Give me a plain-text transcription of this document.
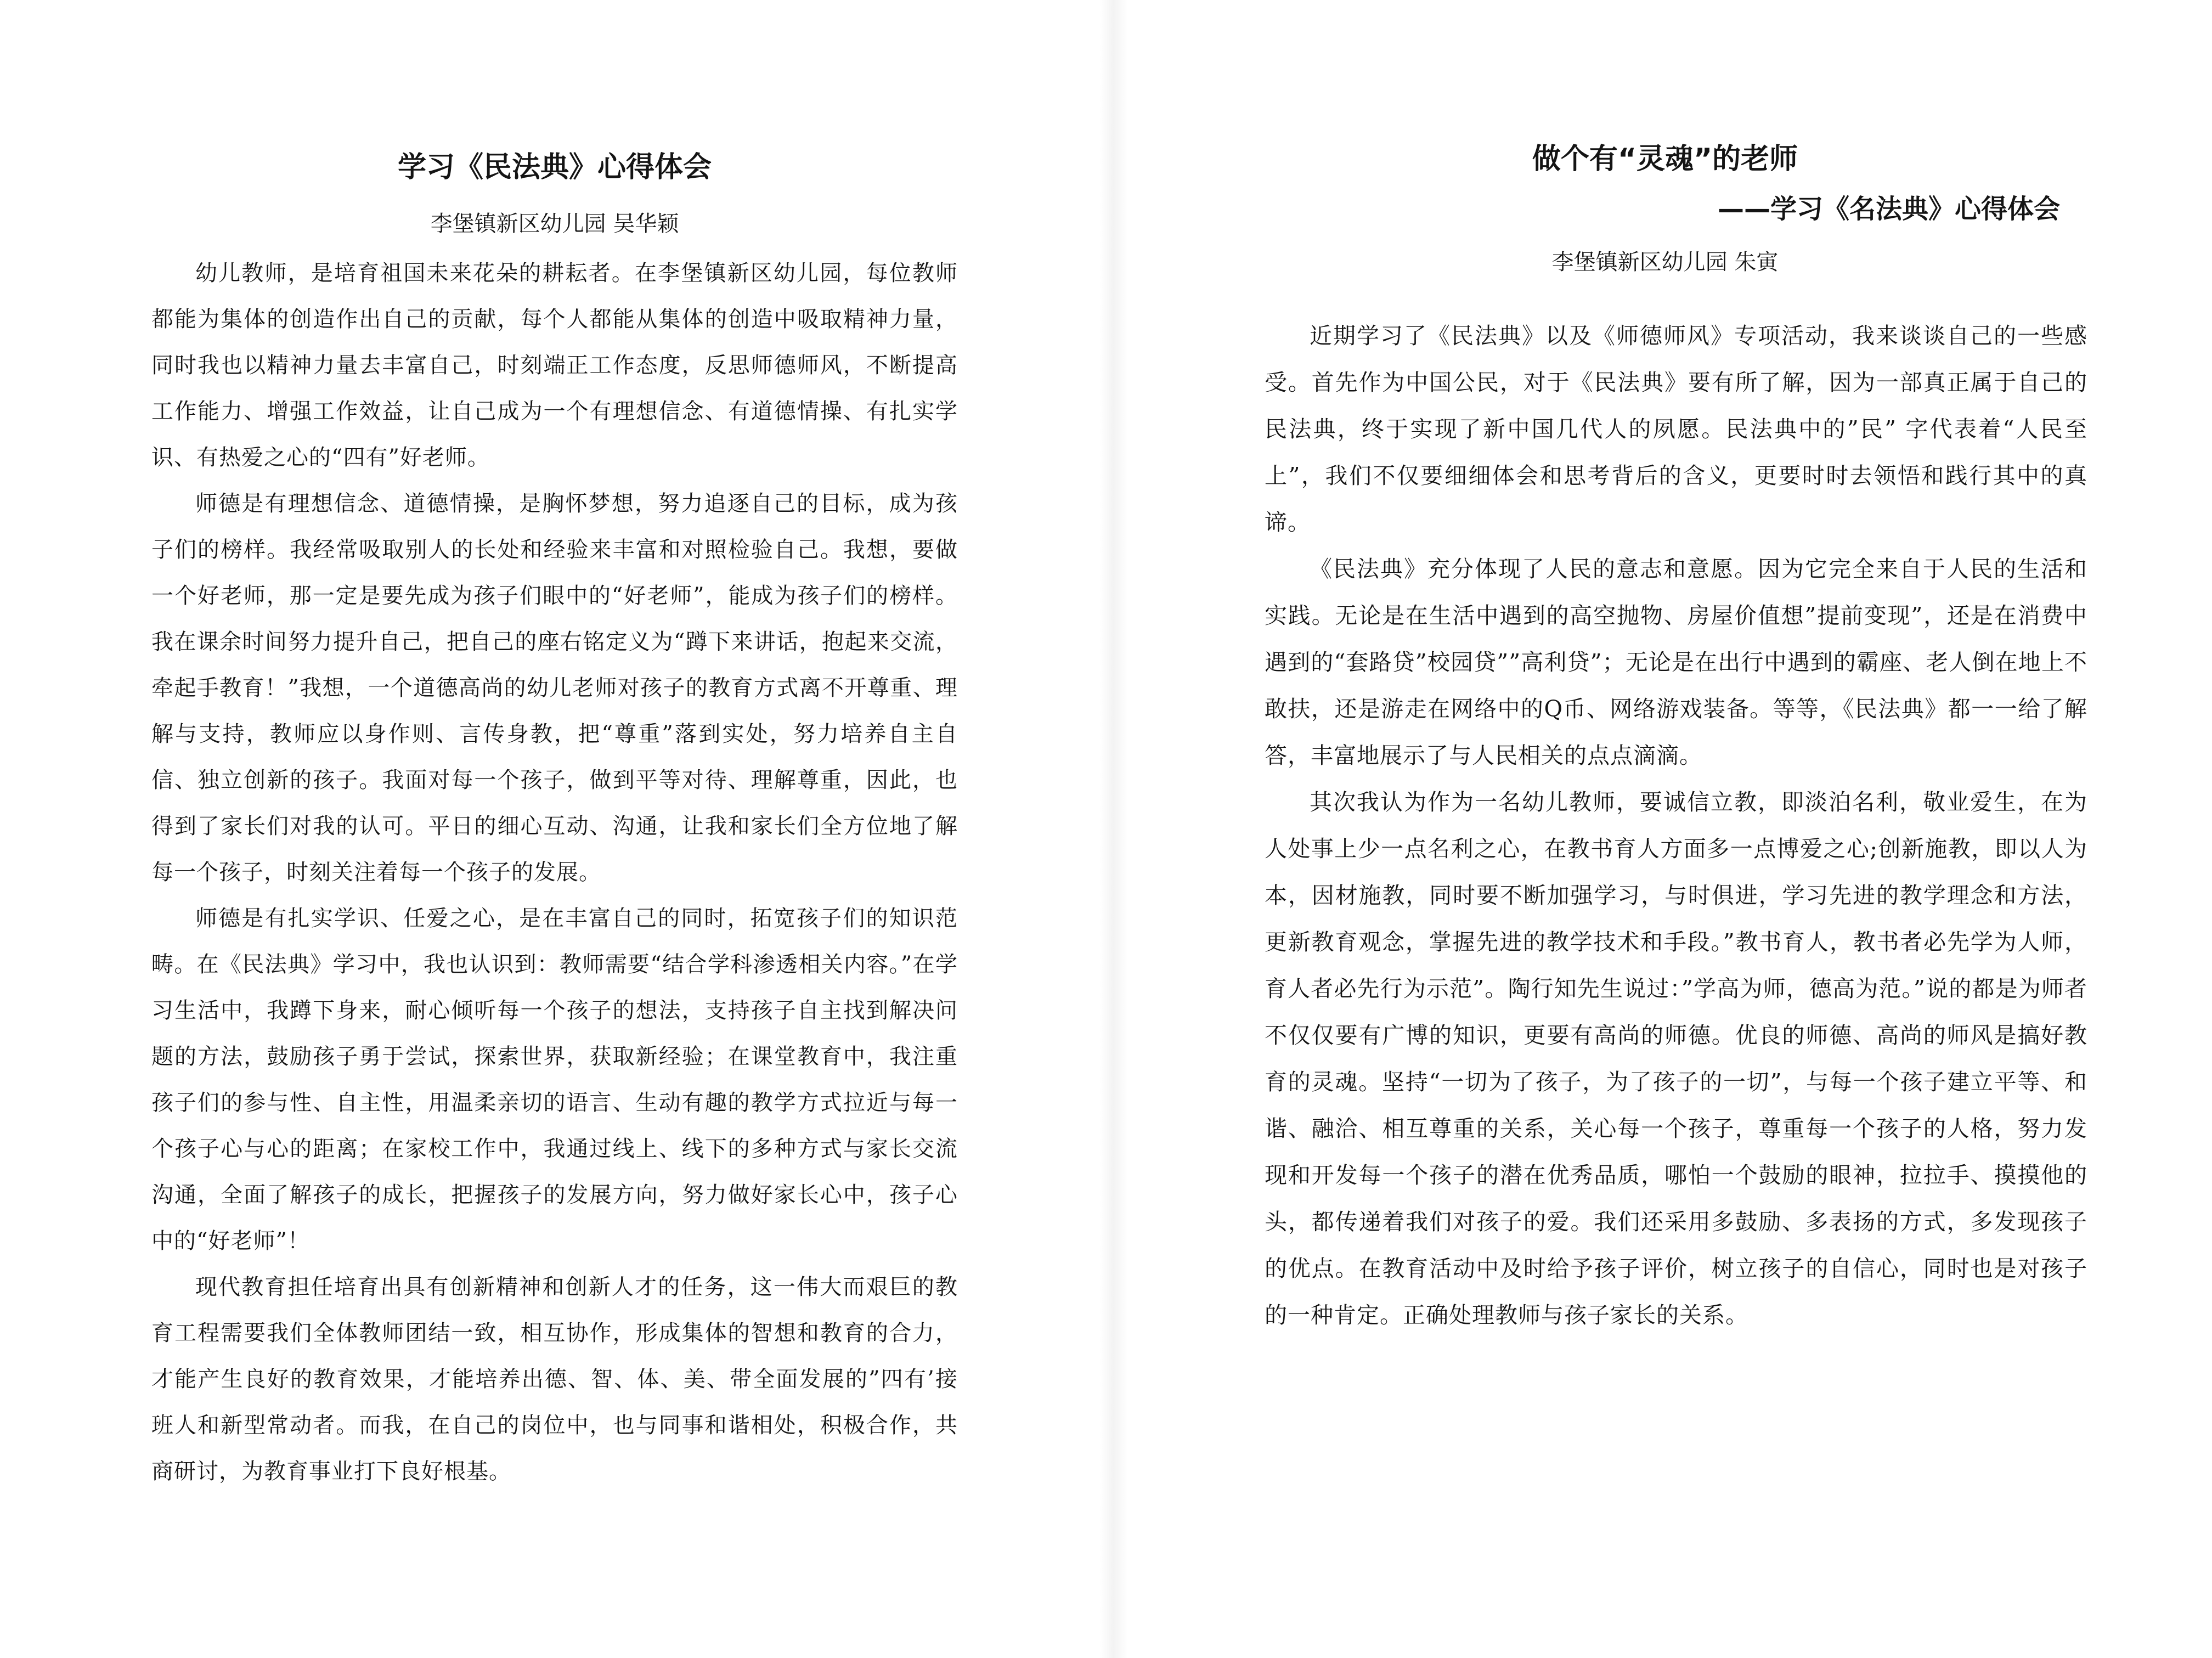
学习《民法典》心得体会

李堡镇新区幼儿园 吴华颖

幼儿教师，是培育祖国未来花朵的耕耘者。在李堡镇新区幼儿园，每位教师都能为集体的创造作出自己的贡献，每个人都能从集体的创造中吸取精神力量，同时我也以精神力量去丰富自己，时刻端正工作态度，反思师德师风，不断提高工作能力、增强工作效益，让自己成为一个有理想信念、有道德情操、有扎实学识、有热爱之心的“四有”好老师。

师德是有理想信念、道德情操，是胸怀梦想，努力追逐自己的目标，成为孩子们的榜样。我经常吸取别人的长处和经验来丰富和对照检验自己。我想，要做一个好老师，那一定是要先成为孩子们眼中的“好老师”，能成为孩子们的榜样。我在课余时间努力提升自己，把自己的座右铭定义为“蹲下来讲话，抱起来交流，牵起手教育！”我想，一个道德高尚的幼儿老师对孩子的教育方式离不开尊重、理解与支持，教师应以身作则、言传身教，把“尊重”落到实处，努力培养自主自信、独立创新的孩子。我面对每一个孩子，做到平等对待、理解尊重，因此，也得到了家长们对我的认可。平日的细心互动、沟通，让我和家长们全方位地了解每一个孩子，时刻关注着每一个孩子的发展。

师德是有扎实学识、任爱之心，是在丰富自己的同时，拓宽孩子们的知识范畴。在《民法典》学习中，我也认识到：教师需要“结合学科渗透相关内容。”在学习生活中，我蹲下身来，耐心倾听每一个孩子的想法，支持孩子自主找到解决问题的方法，鼓励孩子勇于尝试，探索世界，获取新经验；在课堂教育中，我注重孩子们的参与性、自主性，用温柔亲切的语言、生动有趣的教学方式拉近与每一个孩子心与心的距离；在家校工作中，我通过线上、线下的多种方式与家长交流沟通，全面了解孩子的成长，把握孩子的发展方向，努力做好家长心中，孩子心中的“好老师”！

现代教育担任培育出具有创新精神和创新人才的任务，这一伟大而艰巨的教育工程需要我们全体教师团结一致，相互协作，形成集体的智想和教育的合力，才能产生良好的教育效果，才能培养出德、智、体、美、带全面发展的”四有’接班人和新型常动者。而我，在自己的岗位中，也与同事和谐相处，积极合作，共商研讨，为教育事业打下良好根基。

做个有“灵魂”的老师

——学习《名法典》心得体会

李堡镇新区幼儿园 朱寅

近期学习了《民法典》以及《师德师风》专项活动，我来谈谈自己的一些感受。首先作为中国公民，对于《民法典》要有所了解，因为一部真正属于自己的民法典，终于实现了新中国几代人的夙愿。民法典中的”民” 字代表着“人民至上”，我们不仅要细细体会和思考背后的含义，更要时时去领悟和践行其中的真谛。

《民法典》充分体现了人民的意志和意愿。因为它完全来自于人民的生活和实践。无论是在生活中遇到的高空抛物、房屋价值想”提前变现”，还是在消费中遇到的“套路贷”校园贷””高利贷”；无论是在出行中遇到的霸座、老人倒在地上不敢扶，还是游走在网络中的Q币、网络游戏装备。等等，《民法典》都一一给了解答，丰富地展示了与人民相关的点点滴滴。

其次我认为作为一名幼儿教师，要诚信立教，即淡泊名利，敬业爱生，在为人处事上少一点名利之心，在教书育人方面多一点博爱之心;创新施教，即以人为本，因材施教，同时要不断加强学习，与时俱进，学习先进的教学理念和方法，更新教育观念，掌握先进的教学技术和手段。”教书育人，教书者必先学为人师，育人者必先行为示范”。陶行知先生说过：”学高为师，德高为范。”说的都是为师者不仅仅要有广博的知识，更要有高尚的师德。优良的师德、高尚的师风是搞好教育的灵魂。坚持“一切为了孩子，为了孩子的一切”，与每一个孩子建立平等、和谐、融洽、相互尊重的关系，关心每一个孩子，尊重每一个孩子的人格，努力发现和开发每一个孩子的潜在优秀品质，哪怕一个鼓励的眼神，拉拉手、摸摸他的头，都传递着我们对孩子的爱。我们还采用多鼓励、多表扬的方式，多发现孩子的优点。在教育活动中及时给予孩子评价，树立孩子的自信心，同时也是对孩子的一种肯定。正确处理教师与孩子家长的关系。
